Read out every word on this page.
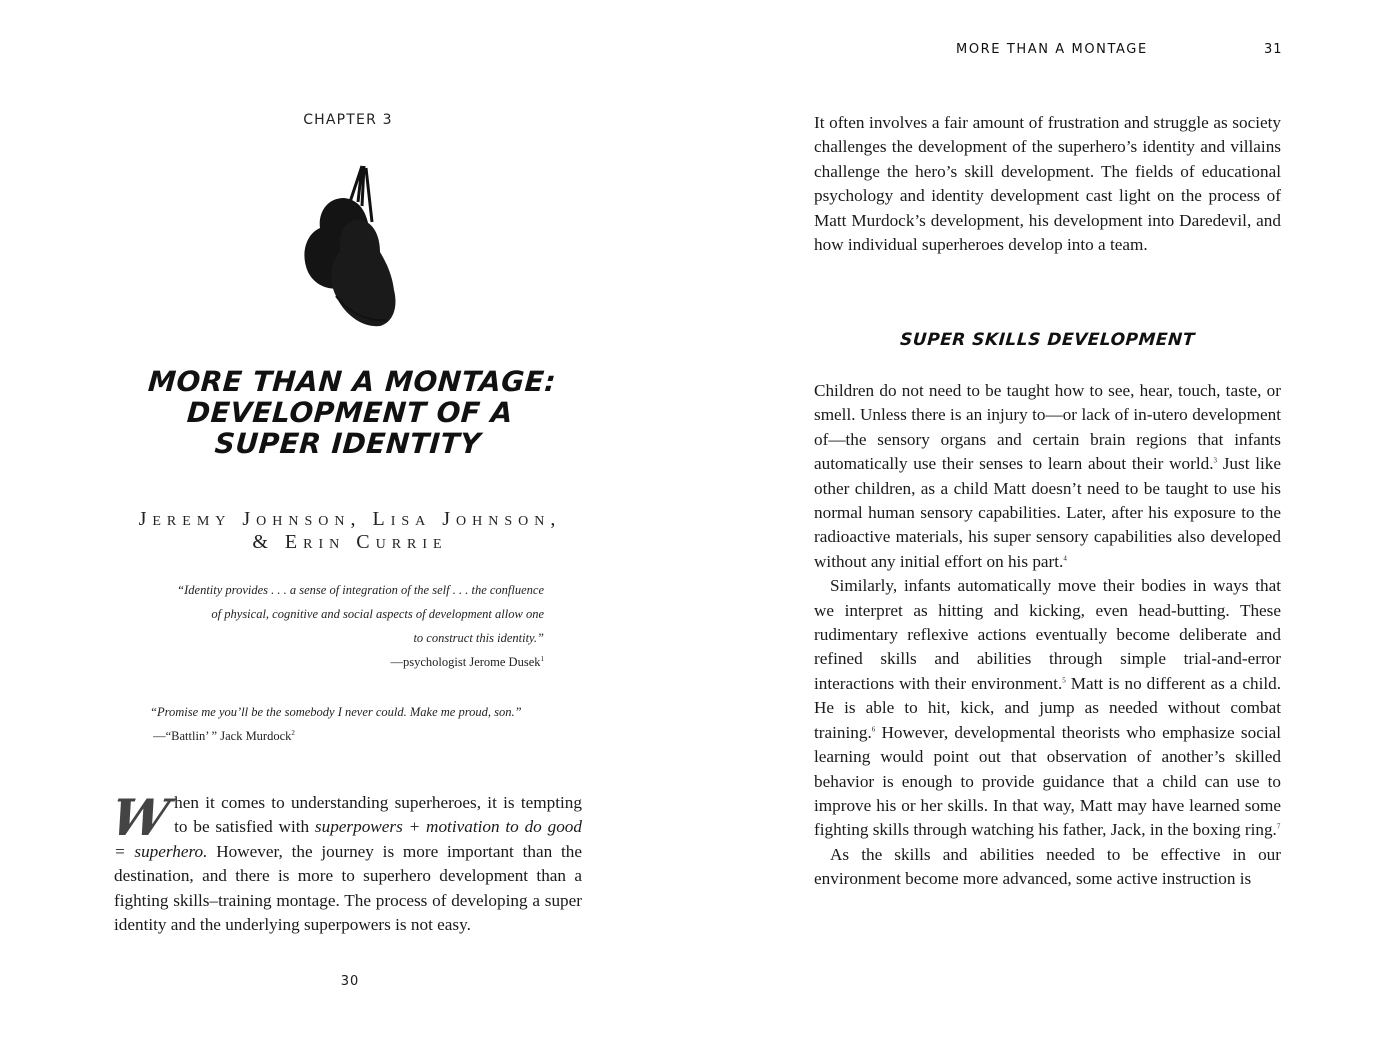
CHAPTER 3
MORE THAN A MONTAGE:
DEVELOPMENT OF A
SUPER IDENTITY
Jeremy Johnson, Lisa Johnson,
& Erin Currie
“Identity provides . . . a sense of integration of the self . . . the confluence
of physical, cognitive and social aspects of development allow one
to construct this identity.”
—psychologist Jerome Dusek$^1$
“Promise me you’ll be the somebody I never could. Make me proud, son.”
—“Battlin’ ” Jack Murdock$^2$
When it comes to understanding superheroes, it is tempting to be satisfied with superpowers + motivation to do good = superhero. However, the journey is more important than the destination, and there is more to superhero development than a fighting skills–training montage. The process of developing a super identity and the underlying superpowers is not easy.
30
MORE THAN A MONTAGE	31

It often involves a fair amount of frustration and struggle as society challenges the development of the superhero’s identity and villains challenge the hero’s skill development. The fields of educational psychology and identity development cast light on the process of Matt Murdock’s development, his development into Daredevil, and how individual superheroes develop into a team.

SUPER SKILLS DEVELOPMENT

Children do not need to be taught how to see, hear, touch, taste, or smell. Unless there is an injury to—or lack of in-utero development of—the sensory organs and certain brain regions that infants automatically use their senses to learn about their world.$^3$ Just like other children, as a child Matt doesn’t need to be taught to use his normal human sensory capabilities. Later, after his exposure to the radioactive materials, his super sensory capabilities also developed without any initial effort on his part.$^4$

Similarly, infants automatically move their bodies in ways that we interpret as hitting and kicking, even head-butting. These rudimentary reflexive actions eventually become deliberate and refined skills and abilities through simple trial-and-error interactions with their environment.$^5$ Matt is no different as a child. He is able to hit, kick, and jump as needed without combat training.$^6$ However, developmental theorists who emphasize social learning would point out that observation of another’s skilled behavior is enough to provide guidance that a child can use to improve his or her skills. In that way, Matt may have learned some fighting skills through watching his father, Jack, in the boxing ring.$^7$

As the skills and abilities needed to be effective in our environment become more advanced, some active instruction is
